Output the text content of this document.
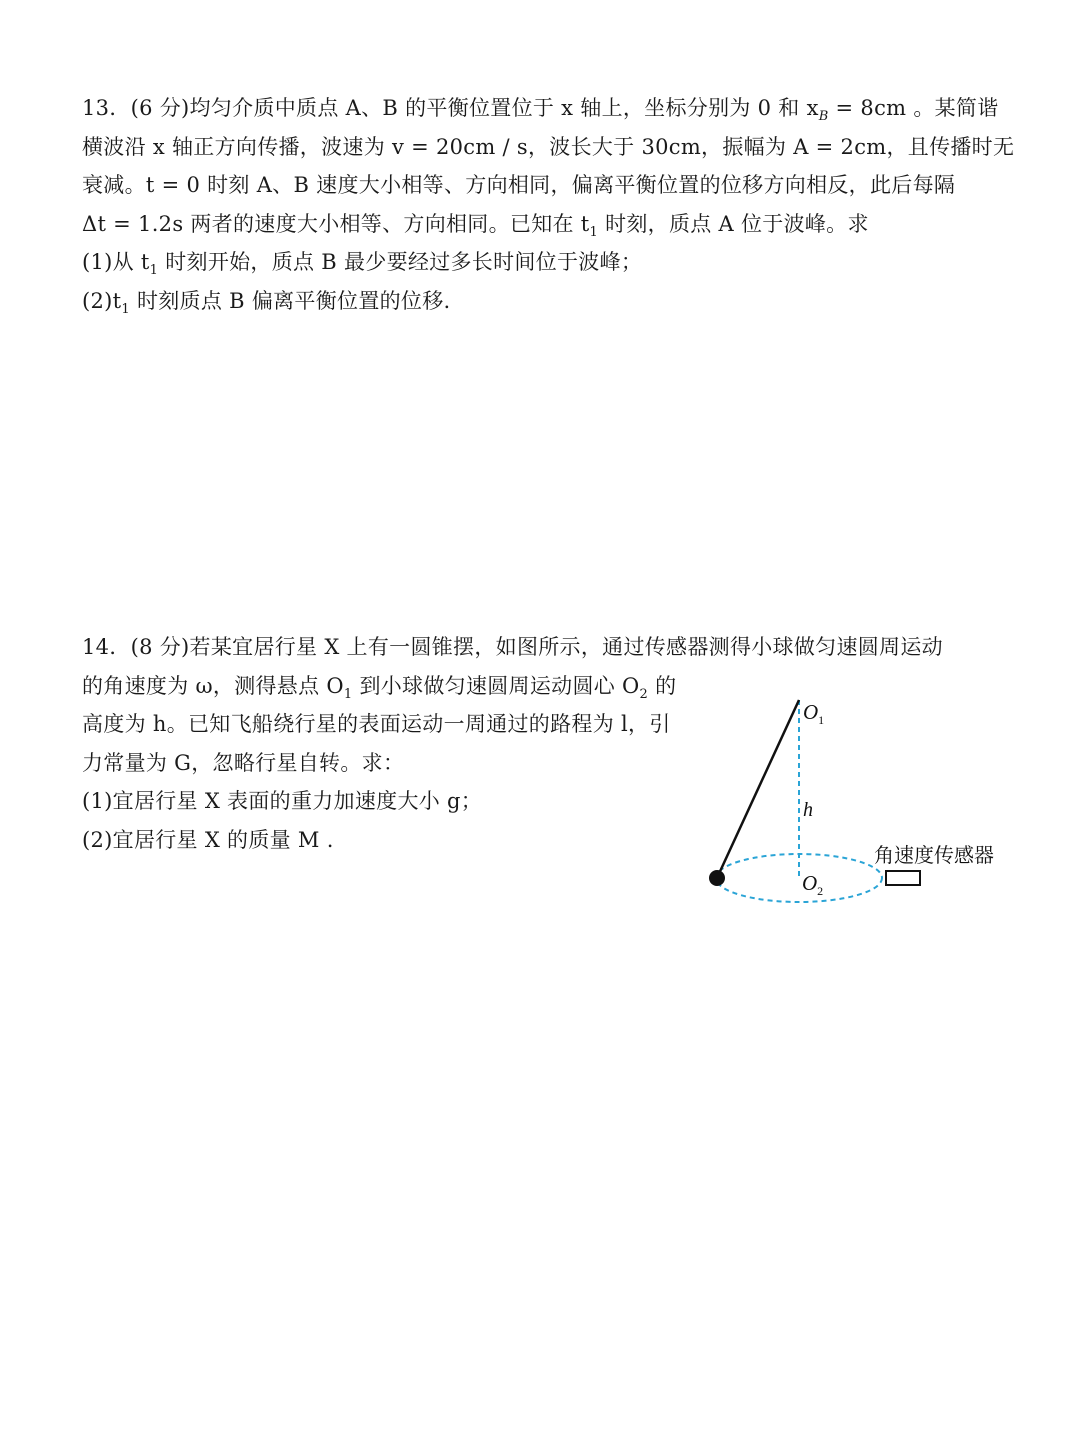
13．(6 分)均匀介质中质点 A、B 的平衡位置位于 x 轴上，坐标分别为 0 和 $x_B = 8cm$ 。某简谐
横波沿 x 轴正方向传播，波速为 v = 20cm / s，波长大于 30cm，振幅为 A = 2cm，且传播时无
衰减。t = 0 时刻 A、B 速度大小相等、方向相同，偏离平衡位置的位移方向相反，此后每隔
Δt = 1.2s 两者的速度大小相等、方向相同。已知在 $t_1$ 时刻，质点 A 位于波峰。求
(1)从 $t_1$ 时刻开始，质点 B 最少要经过多长时间位于波峰；
$(2)t_1$ 时刻质点 B 偏离平衡位置的位移.
14．(8 分)若某宜居行星 X 上有一圆锥摆，如图所示，通过传感器测得小球做匀速圆周运动
的角速度为 ω，测得悬点 $O_1$ 到小球做匀速圆周运动圆心 $O_2$ 的
高度为 h。已知飞船绕行星的表面运动一周通过的路程为 l，引
力常量为 G，忽略行星自转。求：
(1)宜居行星 X 表面的重力加速度大小 g；
(2)宜居行星 X 的质量 M .
$O_1$
h
$O_2$
角速度传感器
